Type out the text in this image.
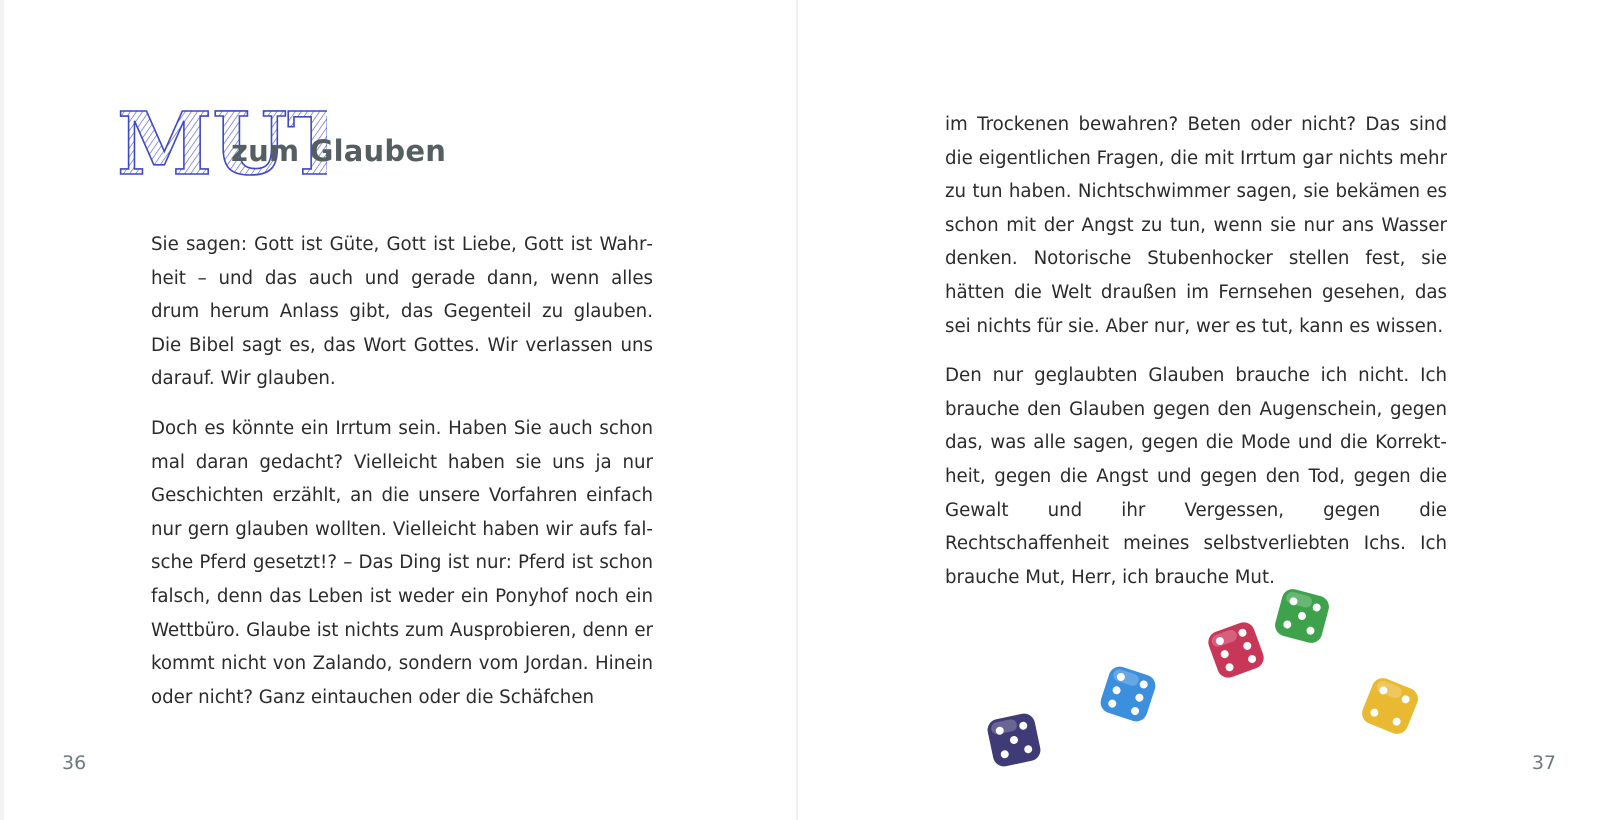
MUT
zum Glauben

Sie sagen: Gott ist Güte, Gott ist Liebe, Gott ist Wahrheit – und das auch und gerade dann, wenn alles drum herum Anlass gibt, das Gegenteil zu glauben. Die Bibel sagt es, das Wort Gottes. Wir verlassen uns darauf. Wir glauben.

Doch es könnte ein Irrtum sein. Haben Sie auch schon mal daran gedacht? Vielleicht haben sie uns ja nur Geschichten erzählt, an die unsere Vorfahren einfach nur gern glauben wollten. Vielleicht haben wir aufs falsche Pferd gesetzt!? – Das Ding ist nur: Pferd ist schon falsch, denn das Leben ist weder ein Ponyhof noch ein Wettbüro. Glaube ist nichts zum Ausprobieren, denn er kommt nicht von Zalando, sondern vom Jordan. Hinein oder nicht? Ganz eintauchen oder die Schäfchen

36

im Trockenen bewahren? Beten oder nicht? Das sind die eigentlichen Fragen, die mit Irrtum gar nichts mehr zu tun haben. Nichtschwimmer sagen, sie bekämen es schon mit der Angst zu tun, wenn sie nur ans Wasser denken. Notorische Stubenhocker stellen fest, sie hätten die Welt draußen im Fernsehen gesehen, das sei nichts für sie. Aber nur, wer es tut, kann es wissen.

Den nur geglaubten Glauben brauche ich nicht. Ich brauche den Glauben gegen den Augenschein, gegen das, was alle sagen, gegen die Mode und die Korrektheit, gegen die Angst und gegen den Tod, gegen die Gewalt und ihr Vergessen, gegen die Rechtschaffenheit meines selbstverliebten Ichs. Ich brauche Mut, Herr, ich brauche Mut.

37
